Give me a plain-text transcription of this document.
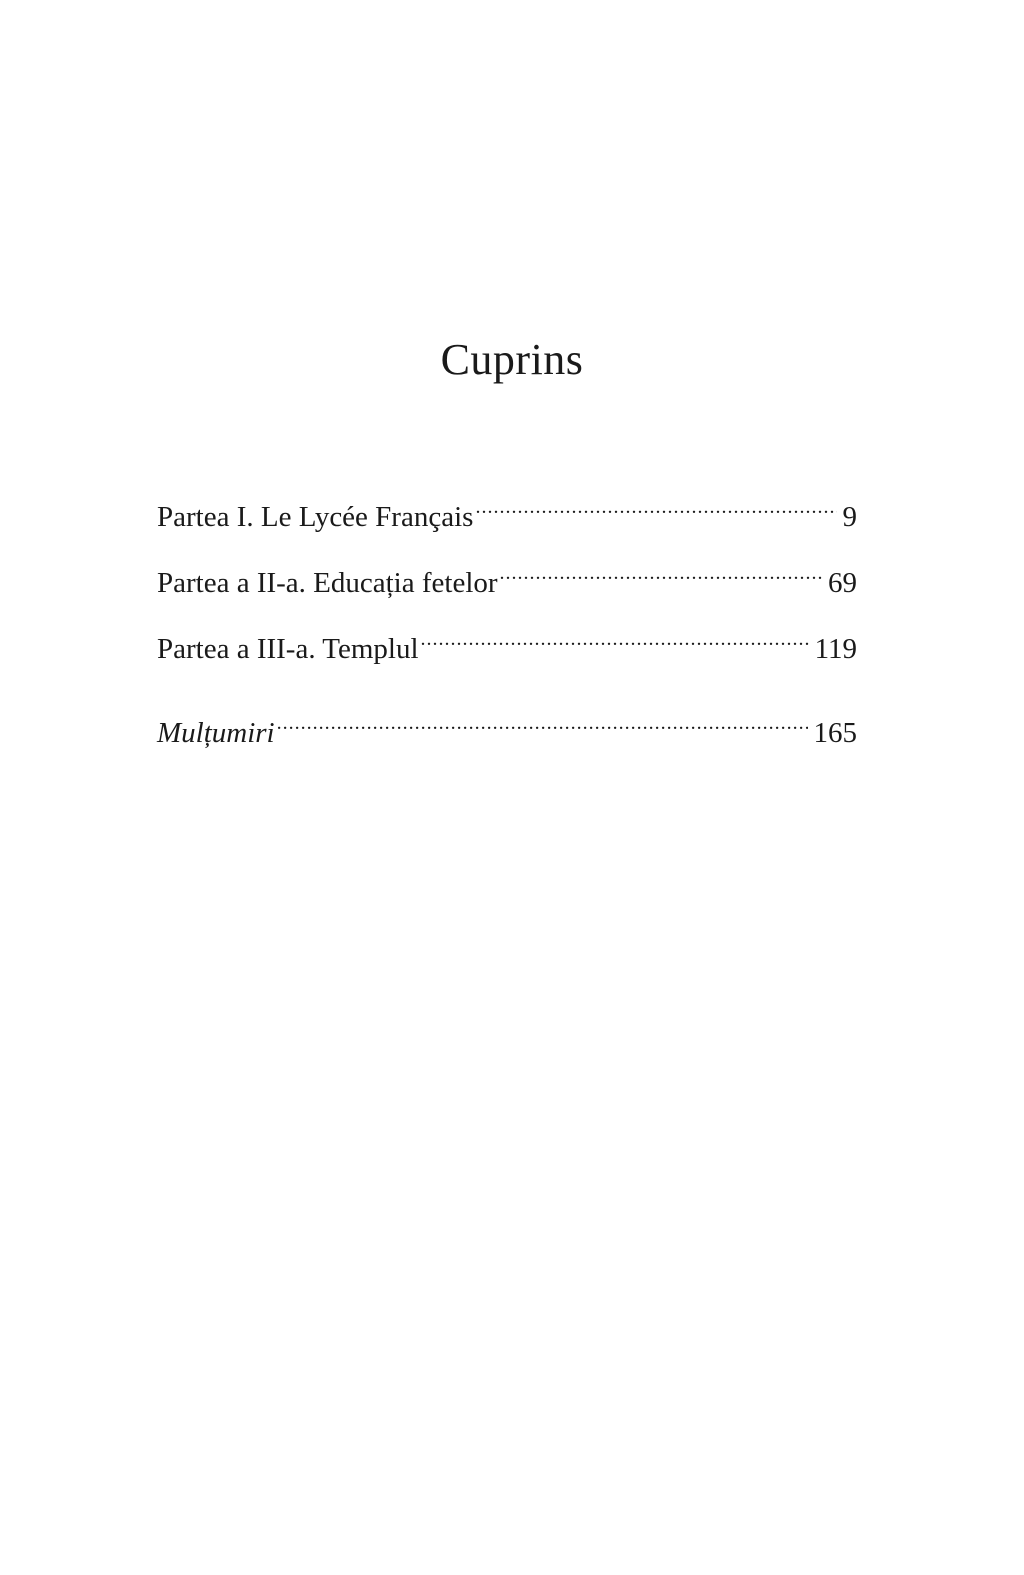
Cuprins
Partea I. Le Lycée Français .....	9
Partea a II-a. Educația fetelor .....	69
Partea a III-a. Templul .....	119
Mulțumiri .....	165
